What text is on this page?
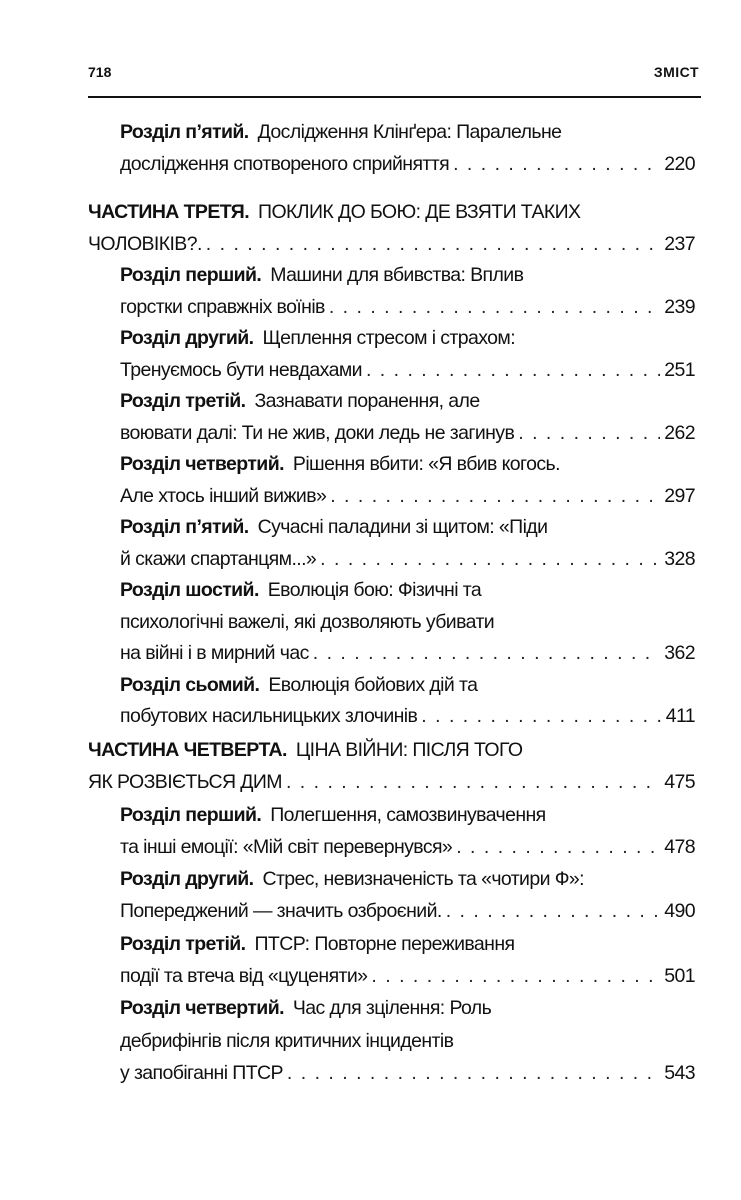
718	ЗМІСТ
Розділ п’ятий. Дослідження Клінґера: Паралельне
дослідження спотвореного сприйняття . . .	220
ЧАСТИНА ТРЕТЯ. ПОКЛИК ДО БОЮ: ДЕ ВЗЯТИ ТАКИХ
ЧОЛОВІКІВ?. . . .	237
Розділ перший. Машини для вбивства: Вплив
горстки справжніх воїнів . . .	239
Розділ другий. Щеплення стресом і страхом:
Тренуємось бути невдахами . . .	251
Розділ третій. Зазнавати поранення, але
воювати далі: Ти не жив, доки ледь не загинув . . .	262
Розділ четвертий. Рішення вбити: «Я вбив когось.
Але хтось інший вижив» . . .	297
Розділ п’ятий. Сучасні паладини зі щитом: «Піди
й скажи спартанцям...» . . .	328
Розділ шостий. Еволюція бою: Фізичні та
психологічні важелі, які дозволяють убивати
на війні і в мирний час . . .	362
Розділ сьомий. Еволюція бойових дій та
побутових насильницьких злочинів . . .	411
ЧАСТИНА ЧЕТВЕРТА. ЦІНА ВІЙНИ: ПІСЛЯ ТОГО
ЯК РОЗВІЄТЬСЯ ДИМ . . .	475
Розділ перший. Полегшення, самозвинувачення
та інші емоції: «Мій світ перевернувся» . . .	478
Розділ другий. Стрес, невизначеність та «чотири Ф»:
Попереджений — значить озброєний. . . .	490
Розділ третій. ПТСР: Повторне переживання
події та втеча від «цуценяти» . . .	501
Розділ четвертий. Час для зцілення: Роль
дебрифінгів після критичних інцидентів
у запобіганні ПТСР . . .	543
